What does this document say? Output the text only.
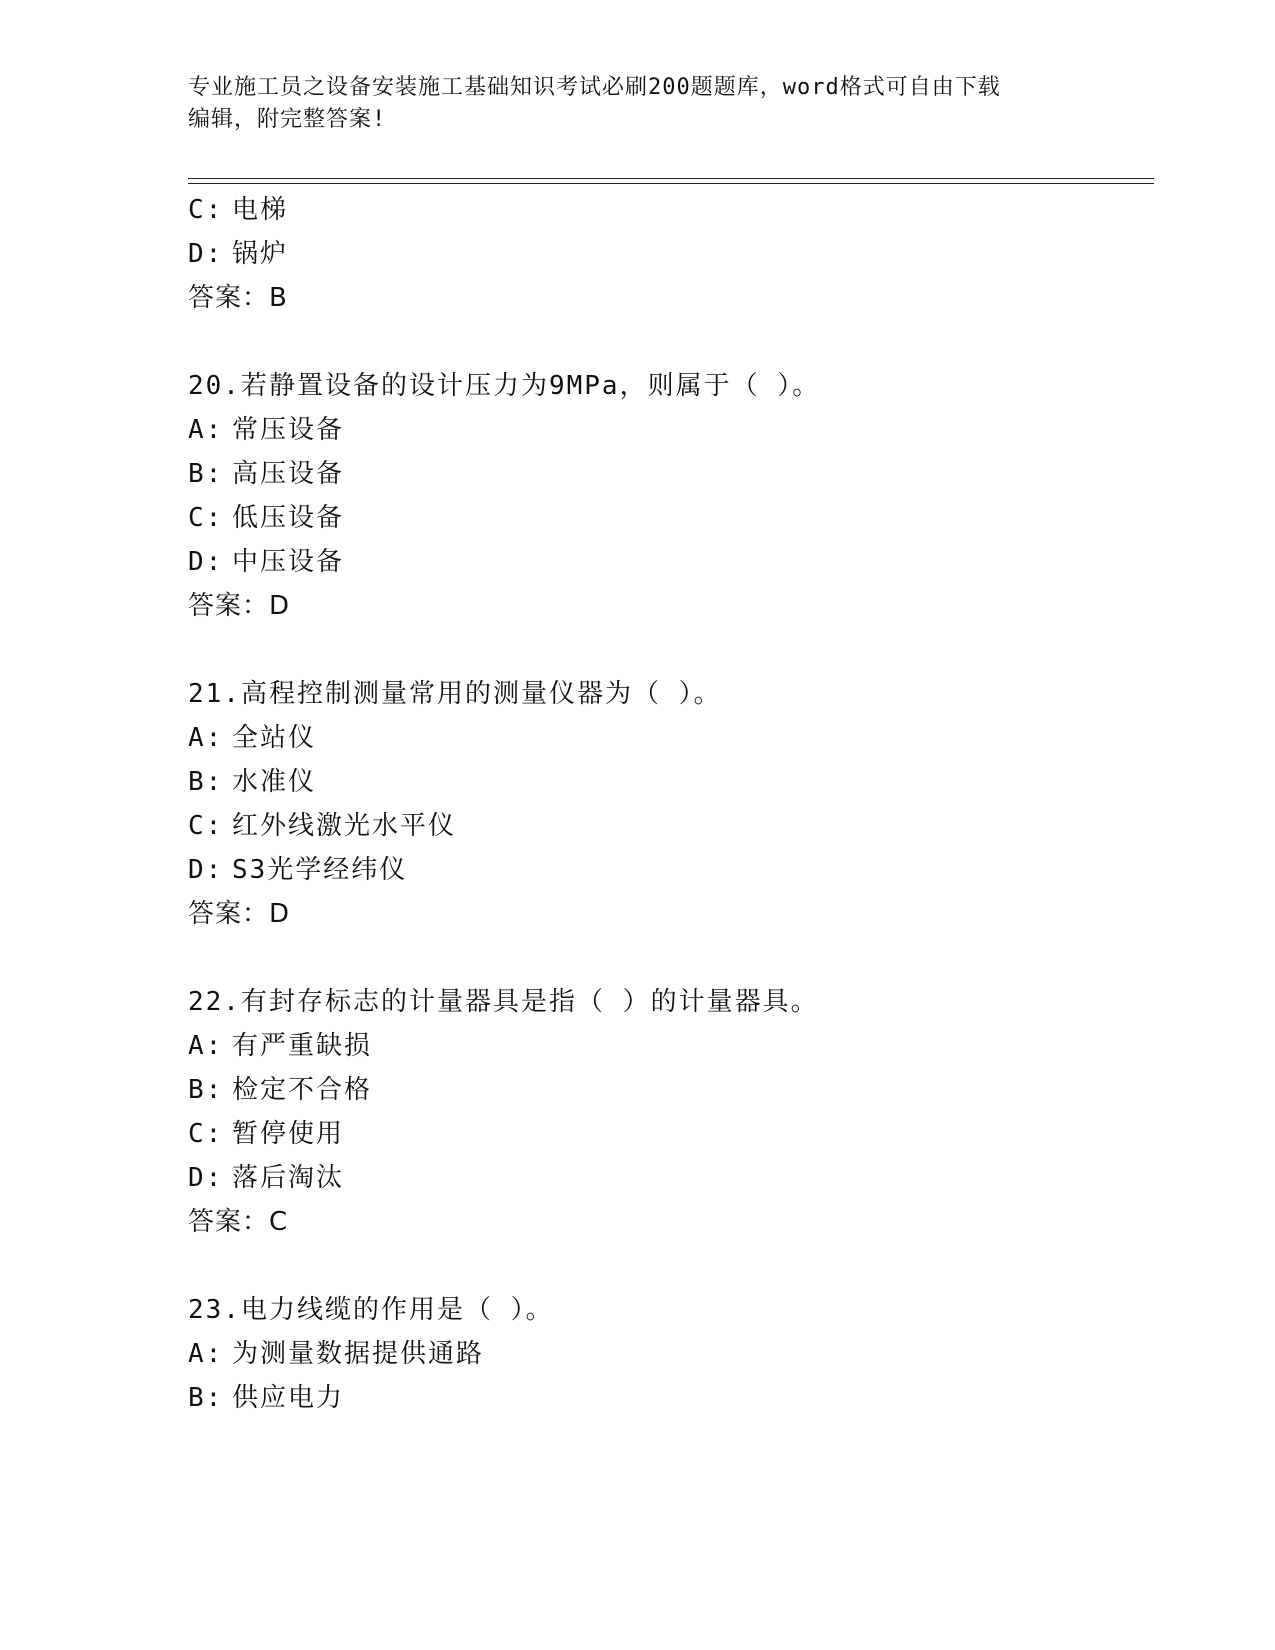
专业施工员之设备安装施工基础知识考试必刷200题题库，word格式可自由下载
编辑，附完整答案!
C: 电梯
D: 锅炉
答案：B
20.若静置设备的设计压力为9MPa，则属于（ ）。
A: 常压设备
B: 高压设备
C: 低压设备
D: 中压设备
答案：D
21.高程控制测量常用的测量仪器为（ ）。
A: 全站仪
B: 水准仪
C: 红外线激光水平仪
D: S3光学经纬仪
答案：D
22.有封存标志的计量器具是指（ ）的计量器具。
A: 有严重缺损
B: 检定不合格
C: 暂停使用
D: 落后淘汰
答案：C
23.电力线缆的作用是（ ）。
A: 为测量数据提供通路
B: 供应电力
